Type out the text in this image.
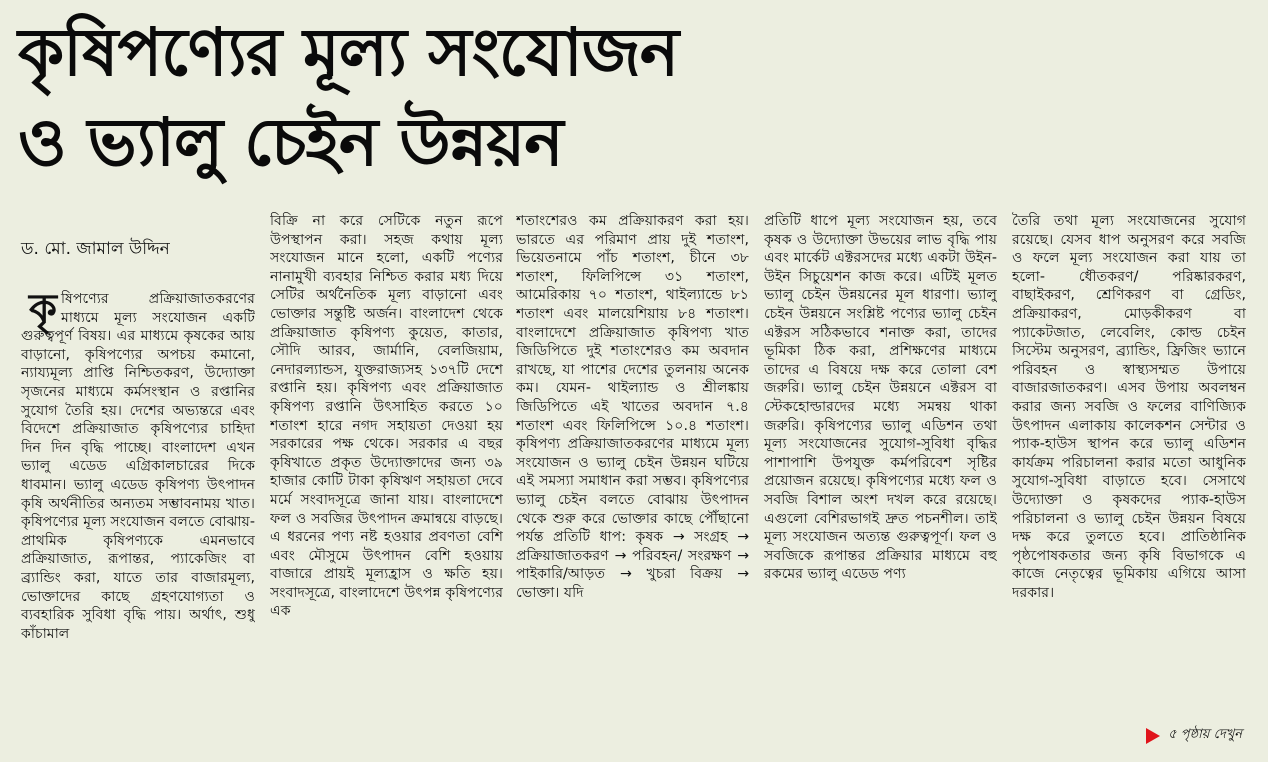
কৃষিপণ্যের মূল্য সংযোজন
ও ভ্যালু চেইন উন্নয়ন
ড. মো. জামাল উদ্দিন
কৃ ষিপণ্যের প্রক্রিয়াজাতকরণের মাধ্যমে মূল্য সংযোজন একটি গুরুত্বপূর্ণ বিষয়। এর মাধ্যমে কৃষকের আয় বাড়ানো, কৃষিপণ্যের অপচয় কমানো, ন্যায্যমূল্য প্রাপ্তি নিশ্চিতকরণ, উদ্যোক্তা সৃজনের মাধ্যমে কর্মসংস্থান ও রপ্তানির সুযোগ তৈরি হয়। দেশের অভ্যন্তরে এবং বিদেশে প্রক্রিয়াজাত কৃষিপণ্যের চাহিদা দিন দিন বৃদ্ধি পাচ্ছে। বাংলাদেশ এখন ভ্যালু এডেড এগ্রিকালচারের দিকে ধাবমান। ভ্যালু এডেড কৃষিপণ্য উৎপাদন কৃষি অর্থনীতির অন্যতম সম্ভাবনাময় খাত। কৃষিপণ্যের মূল্য সংযোজন বলতে বোঝায়- প্রাথমিক কৃষিপণ্যকে এমনভাবে প্রক্রিয়াজাত, রূপান্তর, প্যাকেজিং বা ব্র্যান্ডিং করা, যাতে তার বাজারমূল্য, ভোক্তাদের কাছে গ্রহণযোগ্যতা ও ব্যবহারিক সুবিধা বৃদ্ধি পায়। অর্থাৎ, শুধু কাঁচামাল

বিক্রি না করে সেটিকে নতুন রূপে উপস্থাপন করা। সহজ কথায় মূল্য সংযোজন মানে হলো, একটি পণ্যের নানামুখী ব্যবহার নিশ্চিত করার মধ্য দিয়ে সেটির অর্থনৈতিক মূল্য বাড়ানো এবং ভোক্তার সন্তুষ্টি অর্জন। বাংলাদেশ থেকে প্রক্রিয়াজাত কৃষিপণ্য কুয়েত, কাতার, সৌদি আরব, জার্মানি, বেলজিয়াম, নেদারল্যান্ডস, যুক্তরাজ্যসহ ১৩৭টি দেশে রপ্তানি হয়। কৃষিপণ্য এবং প্রক্রিয়াজাত কৃষিপণ্য রপ্তানি উৎসাহিত করতে ১০ শতাংশ হারে নগদ সহায়তা দেওয়া হয় সরকারের পক্ষ থেকে। সরকার এ বছর কৃষিখাতে প্রকৃত উদ্যোক্তাদের জন্য ৩৯ হাজার কোটি টাকা কৃষিঋণ সহায়তা দেবে মর্মে সংবাদসূত্রে জানা যায়। বাংলাদেশে ফল ও সবজির উৎপাদন ক্রমান্বয়ে বাড়ছে। এ ধরনের পণ্য নষ্ট হওয়ার প্রবণতা বেশি এবং মৌসুমে উৎপাদন বেশি হওয়ায় বাজারে প্রায়ই মূল্যহ্রাস ও ক্ষতি হয়। সংবাদসূত্রে, বাংলাদেশে উৎপন্ন কৃষিপণ্যের এক

শতাংশেরও কম প্রক্রিয়াকরণ করা হয়। ভারতে এর পরিমাণ প্রায় দুই শতাংশ, ভিয়েতনামে পাঁচ শতাংশ, চীনে ৩৮ শতাংশ, ফিলিপিন্সে ৩১ শতাংশ, আমেরিকায় ৭০ শতাংশ, থাইল্যান্ডে ৮১ শতাংশ এবং মালয়েশিয়ায় ৮৪ শতাংশ। বাংলাদেশে প্রক্রিয়াজাত কৃষিপণ্য খাত জিডিপিতে দুই শতাংশেরও কম অবদান রাখছে, যা পাশের দেশের তুলনায় অনেক কম। যেমন- থাইল্যান্ড ও শ্রীলঙ্কায় জিডিপিতে এই খাতের অবদান ৭.৪ শতাংশ এবং ফিলিপিন্সে ১০.৪ শতাংশ। কৃষিপণ্য প্রক্রিয়াজাতকরণের মাধ্যমে মূল্য সংযোজন ও ভ্যালু চেইন উন্নয়ন ঘটিয়ে এই সমস্যা সমাধান করা সম্ভব। কৃষিপণ্যের ভ্যালু চেইন বলতে বোঝায় উৎপাদন থেকে শুরু করে ভোক্তার কাছে পৌঁছানো পর্যন্ত প্রতিটি ধাপ: কৃষক → সংগ্রহ → প্রক্রিয়াজাতকরণ → পরিবহন/ সংরক্ষণ → পাইকারি/আড়ত → খুচরা বিক্রয় → ভোক্তা। যদি

প্রতিটি ধাপে মূল্য সংযোজন হয়, তবে কৃষক ও উদ্যোক্তা উভয়ের লাভ বৃদ্ধি পায় এবং মার্কেট এক্টরসদের মধ্যে একটা উইন-উইন সিচুয়েশন কাজ করে। এটিই মূলত ভ্যালু চেইন উন্নয়নের মূল ধারণা। ভ্যালু চেইন উন্নয়নে সংশ্লিষ্ট পণ্যের ভ্যালু চেইন এক্টরস সঠিকভাবে শনাক্ত করা, তাদের ভূমিকা ঠিক করা, প্রশিক্ষণের মাধ্যমে তাদের এ বিষয়ে দক্ষ করে তোলা বেশ জরুরি। ভ্যালু চেইন উন্নয়নে এক্টরস বা স্টেকহোল্ডারদের মধ্যে সমন্বয় থাকা জরুরি। কৃষিপণ্যের ভ্যালু এডিশন তথা মূল্য সংযোজনের সুযোগ-সুবিধা বৃদ্ধির পাশাপাশি উপযুক্ত কর্মপরিবেশ সৃষ্টির প্রয়োজন রয়েছে। কৃষিপণ্যের মধ্যে ফল ও সবজি বিশাল অংশ দখল করে রয়েছে। এগুলো বেশিরভাগই দ্রুত পচনশীল। তাই মূল্য সংযোজন অত্যন্ত গুরুত্বপূর্ণ। ফল ও সবজিকে রূপান্তর প্রক্রিয়ার মাধ্যমে বহু রকমের ভ্যালু এডেড পণ্য

তৈরি তথা মূল্য সংযোজনের সুযোগ রয়েছে। যেসব ধাপ অনুসরণ করে সবজি ও ফলে মূল্য সংযোজন করা যায় তা হলো- ধৌতকরণ/ পরিষ্কারকরণ, বাছাইকরণ, শ্রেণিকরণ বা গ্রেডিং, প্রক্রিয়াকরণ, মোড়কীকরণ বা প্যাকেটজাত, লেবেলিং, কোল্ড চেইন সিস্টেম অনুসরণ, ব্র্যান্ডিং, ফ্রিজিং ভ্যানে পরিবহন ও স্বাস্থ্যসম্মত উপায়ে বাজারজাতকরণ। এসব উপায় অবলম্বন করার জন্য সবজি ও ফলের বাণিজ্যিক উৎপাদন এলাকায় কালেকশন সেন্টার ও প্যাক-হাউস স্থাপন করে ভ্যালু এডিশন কার্যক্রম পরিচালনা করার মতো আধুনিক সুযোগ-সুবিধা বাড়াতে হবে। সেসাথে উদ্যোক্তা ও কৃষকদের প্যাক-হাউস পরিচালনা ও ভ্যালু চেইন উন্নয়ন বিষয়ে দক্ষ করে তুলতে হবে। প্রাতিষ্ঠানিক পৃষ্ঠপোষকতার জন্য কৃষি বিভাগকে এ কাজে নেতৃত্বের ভূমিকায় এগিয়ে আসা দরকার।

৫ পৃষ্ঠায় দেখুন
